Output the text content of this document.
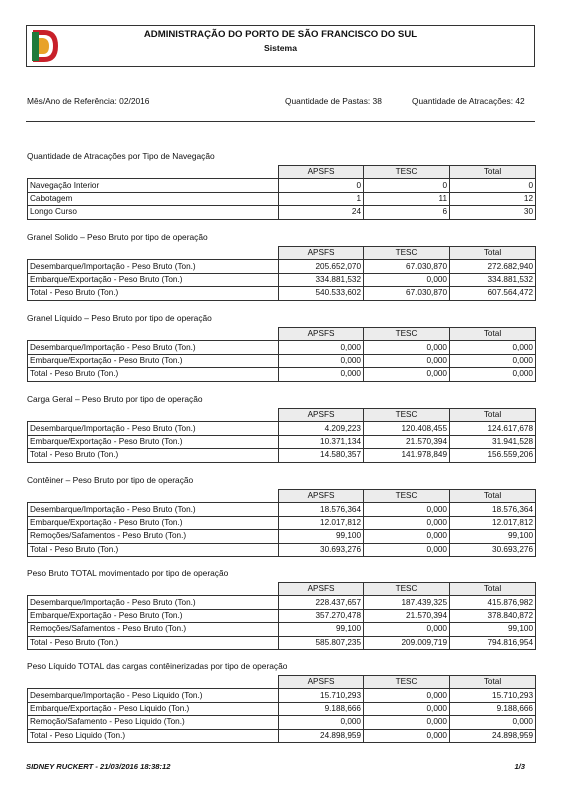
ADMINISTRAÇÃO DO PORTO DE SÃO FRANCISCO DO SUL
Sistema
Mês/Ano de Referência: 02/2016	Quantidade de Pastas: 38	Quantidade de Atracações: 42
Quantidade de Atracações por Tipo de Navegação
	APSFS	TESC	Total
Navegação Interior	0	0	0
Cabotagem	1	11	12
Longo Curso	24	6	30
Granel Solido – Peso Bruto por tipo de operação
	APSFS	TESC	Total
Desembarque/Importação - Peso Bruto (Ton.)	205.652,070	67.030,870	272.682,940
Embarque/Exportação - Peso Bruto (Ton.)	334.881,532	0,000	334.881,532
Total - Peso Bruto (Ton.)	540.533,602	67.030,870	607.564,472
Granel Líquido – Peso Bruto por tipo de operação
	APSFS	TESC	Total
Desembarque/Importação - Peso Bruto (Ton.)	0,000	0,000	0,000
Embarque/Exportação - Peso Bruto (Ton.)	0,000	0,000	0,000
Total - Peso Bruto (Ton.)	0,000	0,000	0,000
Carga Geral – Peso Bruto por tipo de operação
	APSFS	TESC	Total
Desembarque/Importação - Peso Bruto (Ton.)	4.209,223	120.408,455	124.617,678
Embarque/Exportação - Peso Bruto (Ton.)	10.371,134	21.570,394	31.941,528
Total - Peso Bruto (Ton.)	14.580,357	141.978,849	156.559,206
Contêiner – Peso Bruto por tipo de operação
	APSFS	TESC	Total
Desembarque/Importação - Peso Bruto (Ton.)	18.576,364	0,000	18.576,364
Embarque/Exportação - Peso Bruto (Ton.)	12.017,812	0,000	12.017,812
Remoções/Safamentos - Peso Bruto (Ton.)	99,100	0,000	99,100
Total - Peso Bruto (Ton.)	30.693,276	0,000	30.693,276
Peso Bruto TOTAL movimentado por tipo de operação
	APSFS	TESC	Total
Desembarque/Importação - Peso Bruto (Ton.)	228.437,657	187.439,325	415.876,982
Embarque/Exportação - Peso Bruto (Ton.)	357.270,478	21.570,394	378.840,872
Remoções/Safamentos - Peso Bruto (Ton.)	99,100	0,000	99,100
Total - Peso Bruto (Ton.)	585.807,235	209.009,719	794.816,954
Peso Líquido TOTAL das cargas contêinerizadas por tipo de operação
	APSFS	TESC	Total
Desembarque/Importação - Peso Liquido (Ton.)	15.710,293	0,000	15.710,293
Embarque/Exportação - Peso Liquido (Ton.)	9.188,666	0,000	9.188,666
Remoção/Safamento - Peso Liquido (Ton.)	0,000	0,000	0,000
Total - Peso Liquido (Ton.)	24.898,959	0,000	24.898,959
SIDNEY RUCKERT - 21/03/2016 18:38:12	1/3
